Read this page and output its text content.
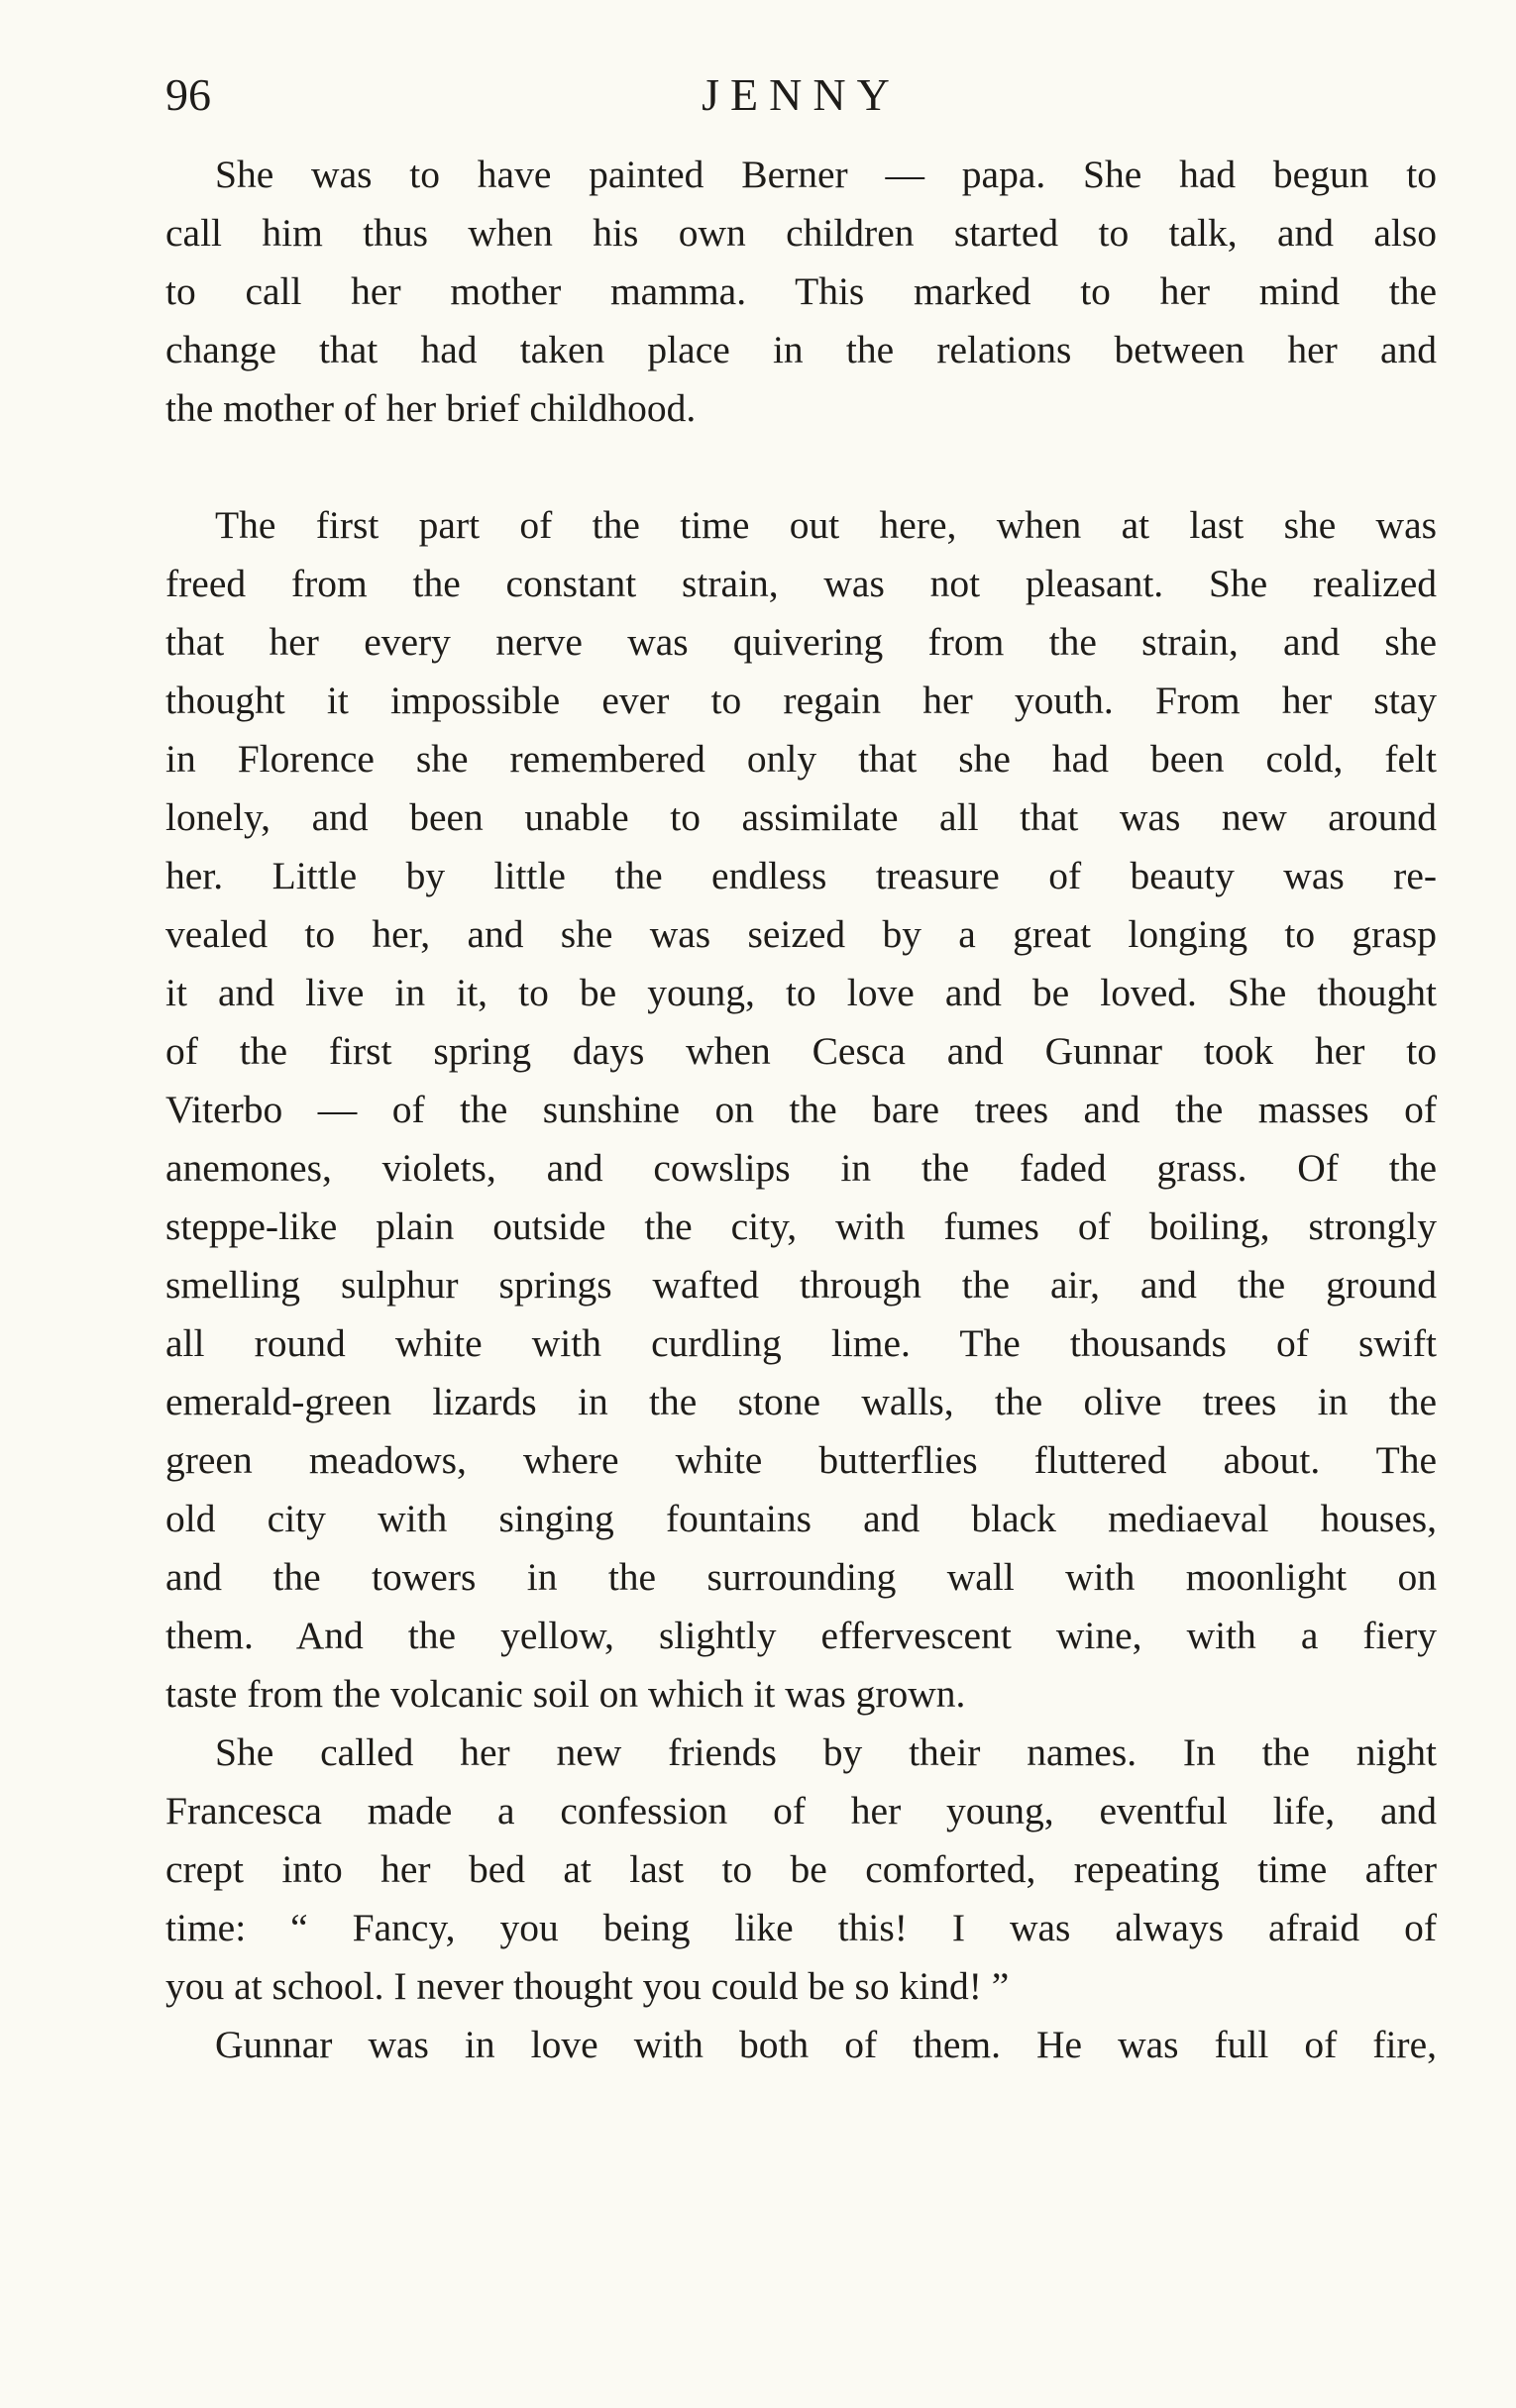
96	JENNY
She was to have painted Berner — papa. She had begun to
call him thus when his own children started to talk, and also
to call her mother mamma. This marked to her mind the
change that had taken place in the relations between her and
the mother of her brief childhood.
The first part of the time out here, when at last she was
freed from the constant strain, was not pleasant. She realized
that her every nerve was quivering from the strain, and she
thought it impossible ever to regain her youth. From her stay
in Florence she remembered only that she had been cold, felt
lonely, and been unable to assimilate all that was new around
her. Little by little the endless treasure of beauty was re-
vealed to her, and she was seized by a great longing to grasp
it and live in it, to be young, to love and be loved. She thought
of the first spring days when Cesca and Gunnar took her to
Viterbo — of the sunshine on the bare trees and the masses of
anemones, violets, and cowslips in the faded grass. Of the
steppe-like plain outside the city, with fumes of boiling, strongly
smelling sulphur springs wafted through the air, and the ground
all round white with curdling lime. The thousands of swift
emerald-green lizards in the stone walls, the olive trees in the
green meadows, where white butterflies fluttered about. The
old city with singing fountains and black mediaeval houses,
and the towers in the surrounding wall with moonlight on
them. And the yellow, slightly effervescent wine, with a fiery
taste from the volcanic soil on which it was grown.
She called her new friends by their names. In the night
Francesca made a confession of her young, eventful life, and
crept into her bed at last to be comforted, repeating time after
time: “ Fancy, you being like this! I was always afraid of
you at school. I never thought you could be so kind! ”
Gunnar was in love with both of them. He was full of fire,
